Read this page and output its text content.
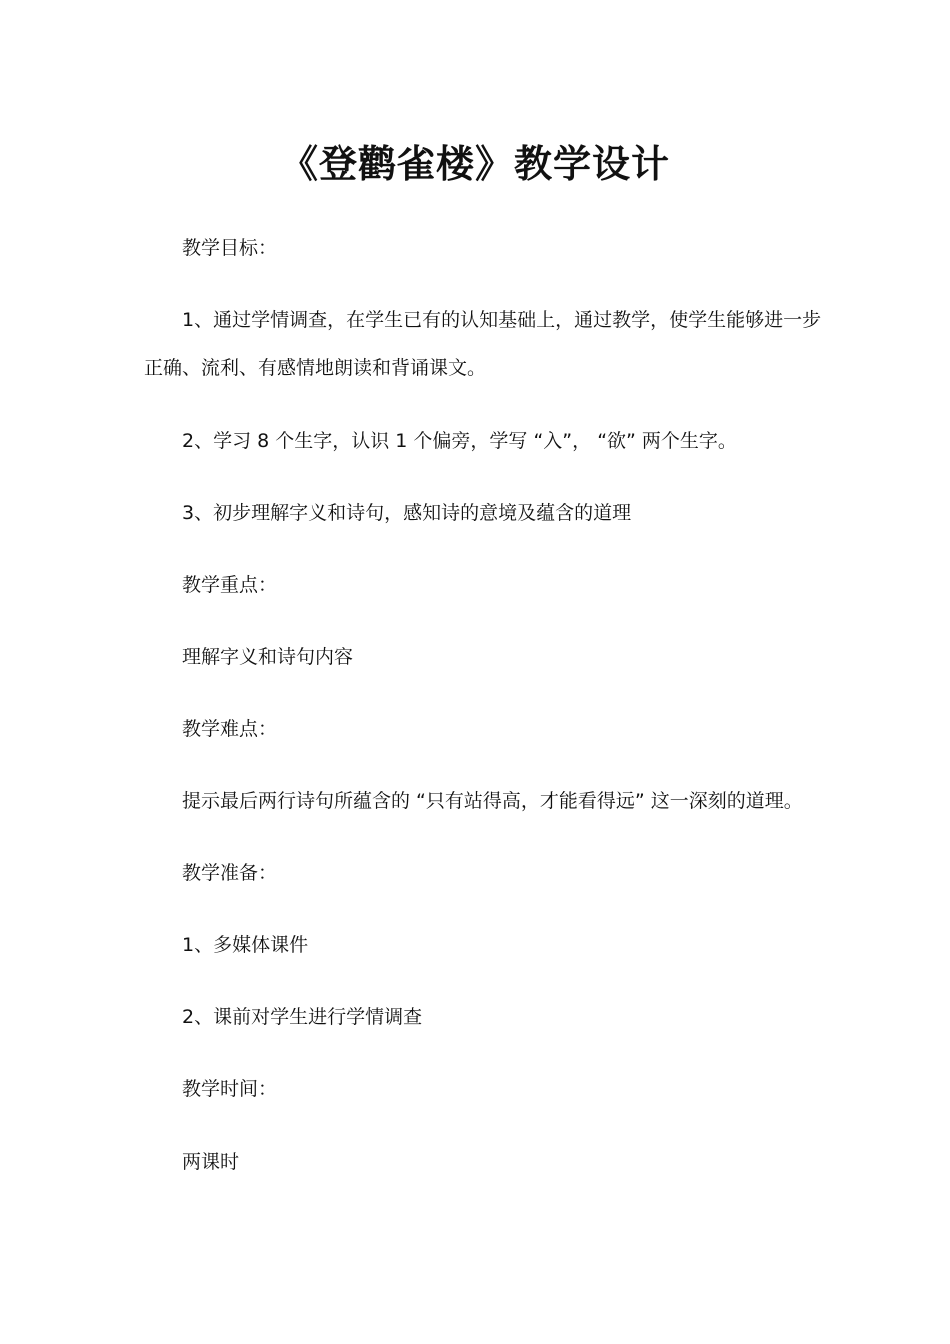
《登鹳雀楼》教学设计

教学目标：

1、通过学情调查，在学生已有的认知基础上，通过教学，使学生能够进一步

正确、流利、有感情地朗读和背诵课文。

2、学习 8 个生字，认识 1 个偏旁，学写 “入”， “欲” 两个生字。

3、初步理解字义和诗句，感知诗的意境及蕴含的道理

教学重点：

理解字义和诗句内容

教学难点：

提示最后两行诗句所蕴含的 “只有站得高，才能看得远” 这一深刻的道理。

教学准备：

1、多媒体课件

2、课前对学生进行学情调查

教学时间：

两课时
